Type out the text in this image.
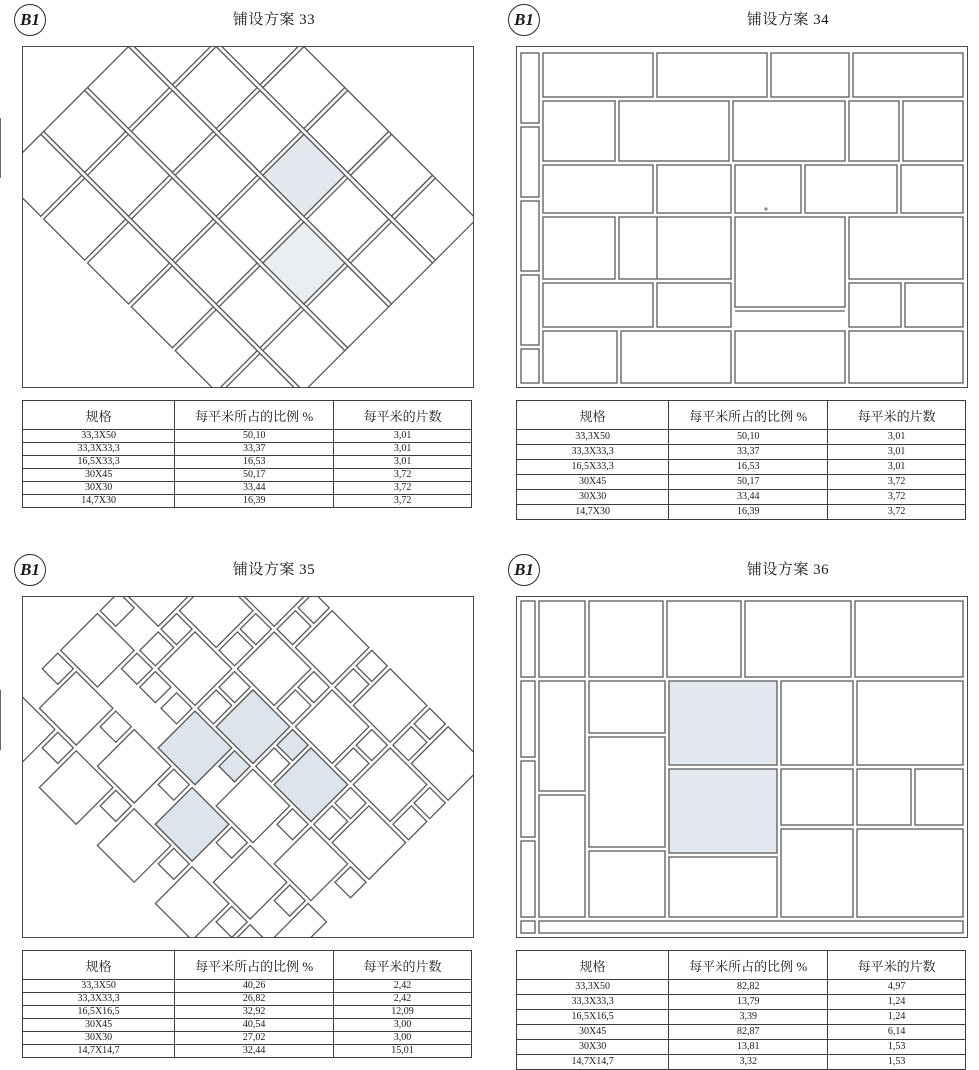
B1	铺设方案 33
规格	每平米所占的比例 %	每平米的片数
33,3X50	50,10	3,01
33,3X33,3	33,37	3,01
16,5X33,3	16,53	3,01
30X45	50,17	3,72
30X30	33,44	3,72
14,7X30	16,39	3,72
B1	铺设方案 34
规格	每平米所占的比例 %	每平米的片数
33,3X50	50,10	3,01
33,3X33,3	33,37	3,01
16,5X33,3	16,53	3,01
30X45	50,17	3,72
30X30	33,44	3,72
14,7X30	16,39	3,72
B1	铺设方案 35
规格	每平米所占的比例 %	每平米的片数
33,3X50	40,26	2,42
33,3X33,3	26,82	2,42
16,5X16,5	32,92	12,09
30X45	40,54	3,00
30X30	27,02	3,00
14,7X14,7	32,44	15,01
B1	铺设方案 36
规格	每平米所占的比例 %	每平米的片数
33,3X50	82,82	4,97
33,3X33,3	13,79	1,24
16,5X16,5	3,39	1,24
30X45	82,87	6,14
30X30	13,81	1,53
14,7X14,7	3,32	1,53
